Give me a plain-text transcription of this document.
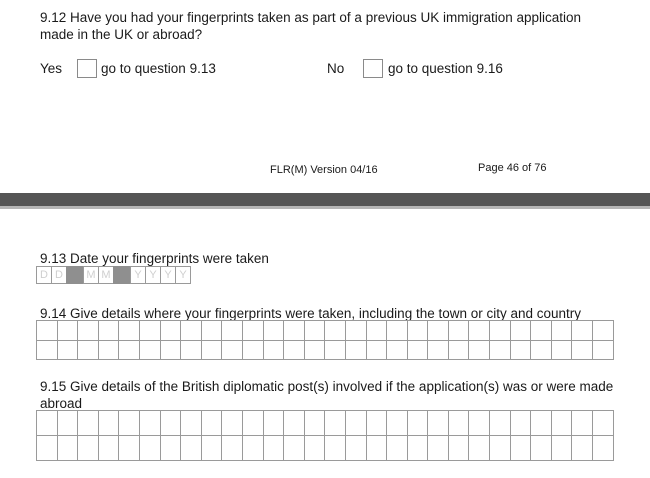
9.12 Have you had your fingerprints taken as part of a previous UK immigration application made in the UK or abroad?
Yes	go to question 9.13	No	go to question 9.16
FLR(M) Version 04/16	Page 46 of 76
9.13 Date your fingerprints were taken
D D	M M	Y Y Y Y
9.14 Give details where your fingerprints were taken, including the town or city and country
9.15 Give details of the British diplomatic post(s) involved if the application(s) was or were made abroad
